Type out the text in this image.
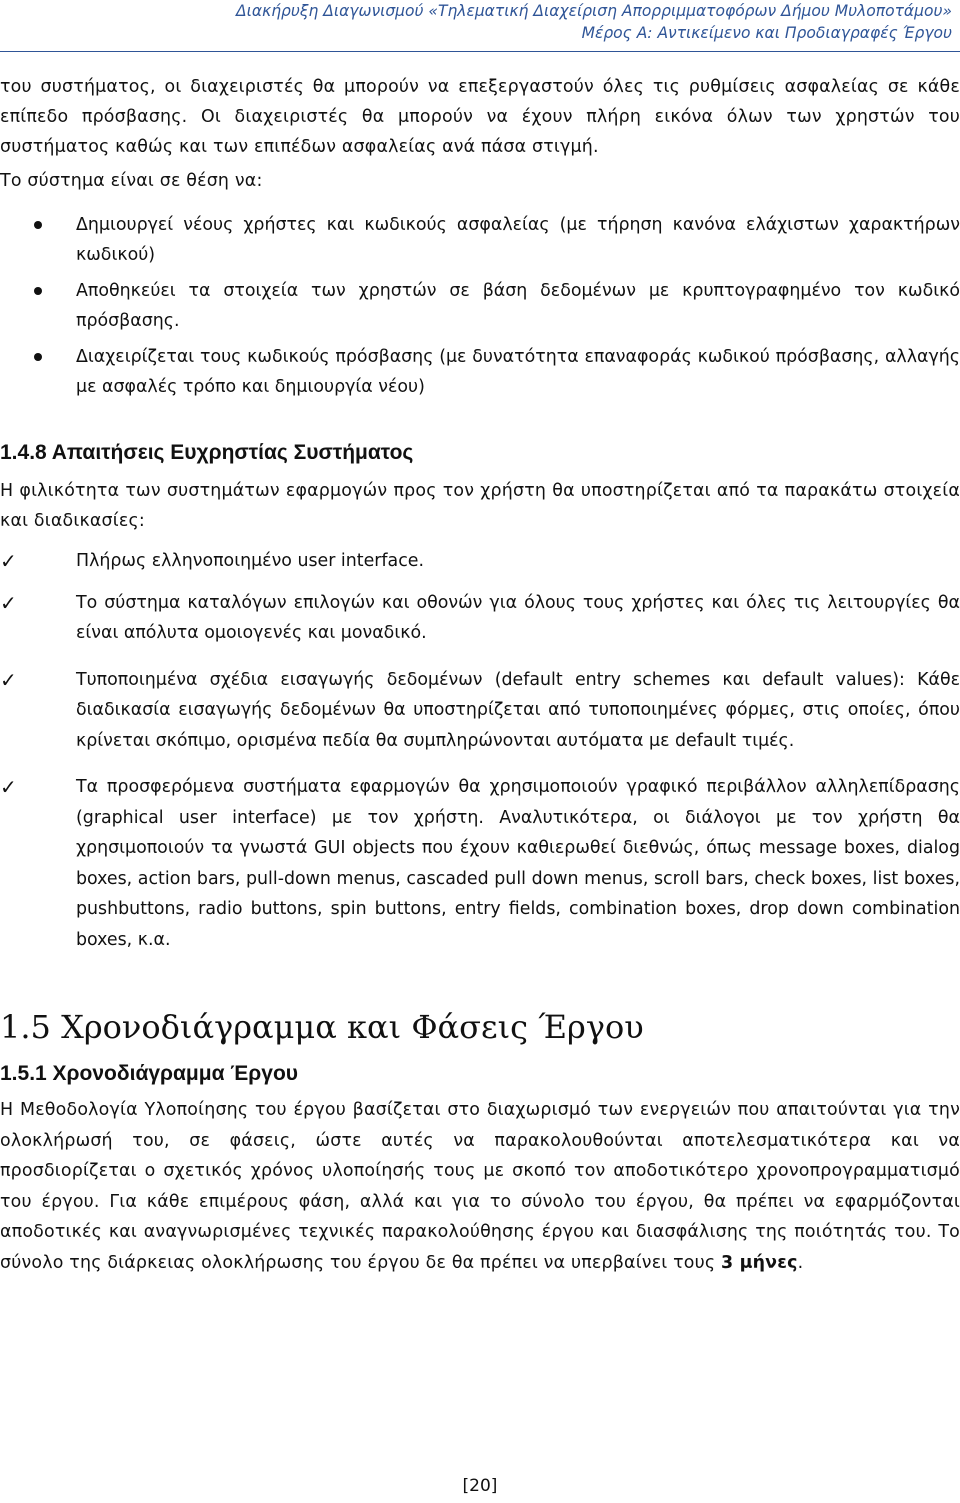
Διακήρυξη Διαγωνισμού «Τηλεματική Διαχείριση Απορριμματοφόρων Δήμου Μυλοποτάμου»
Μέρος Α: Αντικείμενο και Προδιαγραφές Έργου

του συστήματος, οι διαχειριστές θα μπορούν να επεξεργαστούν όλες τις ρυθμίσεις ασφαλείας σε κάθε επίπεδο πρόσβασης. Οι διαχειριστές θα μπορούν να έχουν πλήρη εικόνα όλων των χρηστών του συστήματος καθώς και των επιπέδων ασφαλείας ανά πάσα στιγμή.

Το σύστημα είναι σε θέση να:

Δημιουργεί νέους χρήστες και κωδικούς ασφαλείας (με τήρηση κανόνα ελάχιστων χαρακτήρων κωδικού)
Αποθηκεύει τα στοιχεία των χρηστών σε βάση δεδομένων με κρυπτογραφημένο τον κωδικό πρόσβασης.
Διαχειρίζεται τους κωδικούς πρόσβασης (με δυνατότητα επαναφοράς κωδικού πρόσβασης, αλλαγής με ασφαλές τρόπο και δημιουργία νέου)
1.4.8 Απαιτήσεις Ευχρηστίας Συστήματος

Η φιλικότητα των συστημάτων εφαρμογών προς τον χρήστη θα υποστηρίζεται από τα παρακάτω στοιχεία και διαδικασίες:

✓	Πλήρως ελληνοποιημένο user interface.
✓	Το σύστημα καταλόγων επιλογών και οθονών για όλους τους χρήστες και όλες τις λειτουργίες θα είναι απόλυτα ομοιογενές και μοναδικό.
✓	Τυποποιημένα σχέδια εισαγωγής δεδομένων (default entry schemes και default values): Κάθε διαδικασία εισαγωγής δεδομένων θα υποστηρίζεται από τυποποιημένες φόρμες, στις οποίες, όπου κρίνεται σκόπιμο, ορισμένα πεδία θα συμπληρώνονται αυτόματα με default τιμές.
✓	Τα προσφερόμενα συστήματα εφαρμογών θα χρησιμοποιούν γραφικό περιβάλλον αλληλεπίδρασης (graphical user interface) με τον χρήστη. Αναλυτικότερα, οι διάλογοι με τον χρήστη θα χρησιμοποιούν τα γνωστά GUI objects που έχουν καθιερωθεί διεθνώς, όπως message boxes, dialog boxes, action bars, pull-down menus, cascaded pull down menus, scroll bars, check boxes, list boxes, pushbuttons, radio buttons, spin buttons, entry fields, combination boxes, drop down combination boxes, κ.α.
1.5 Χρονοδιάγραμμα και Φάσεις Έργου
1.5.1 Χρονοδιάγραμμα Έργου

Η Μεθοδολογία Υλοποίησης του έργου βασίζεται στο διαχωρισμό των ενεργειών που απαιτούνται για την ολοκλήρωσή του, σε φάσεις, ώστε αυτές να παρακολουθούνται αποτελεσματικότερα και να προσδιορίζεται ο σχετικός χρόνος υλοποίησής τους με σκοπό τον αποδοτικότερο χρονοπρογραμματισμό του έργου. Για κάθε επιμέρους φάση, αλλά και για το σύνολο του έργου, θα πρέπει να εφαρμόζονται αποδοτικές και αναγνωρισμένες τεχνικές παρακολούθησης έργου και διασφάλισης της ποιότητάς του. Το σύνολο της διάρκειας ολοκλήρωσης του έργου δε θα πρέπει να υπερβαίνει τους 3 μήνες.

[20]
